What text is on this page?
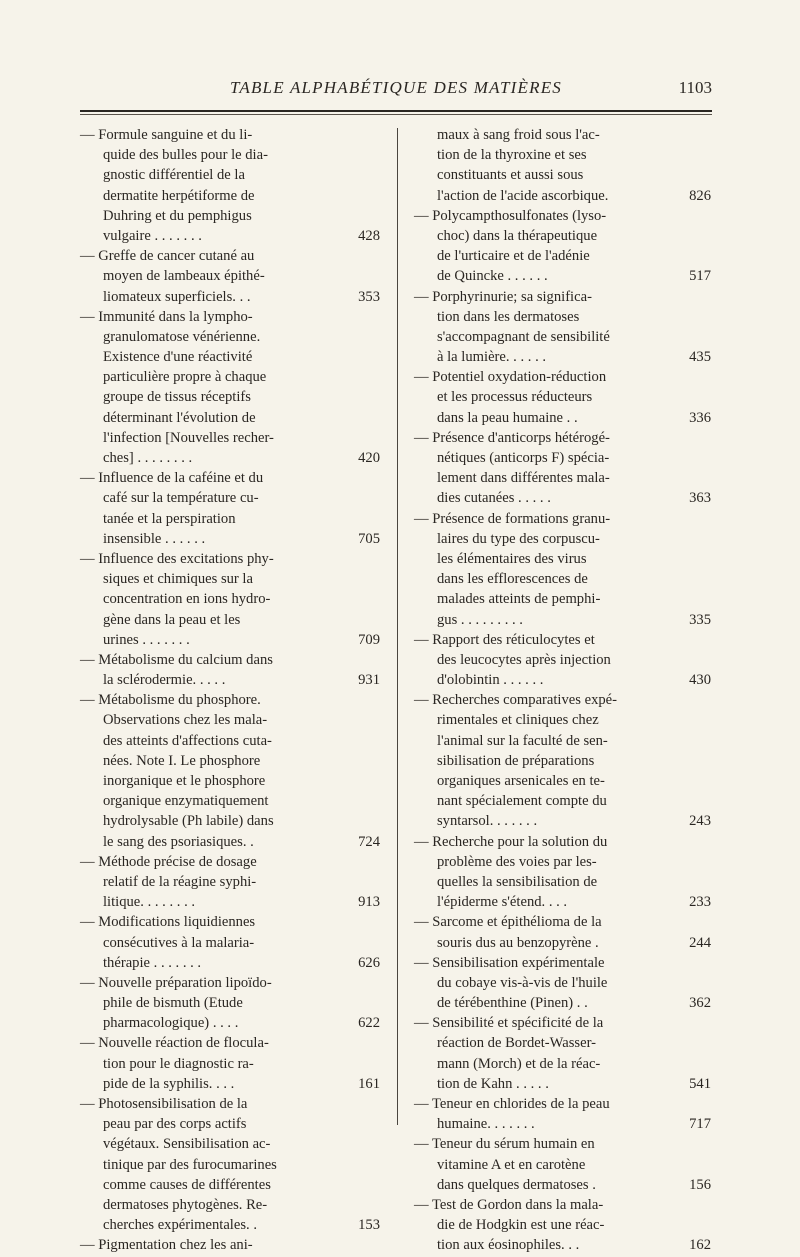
TABLE ALPHABÉTIQUE DES MATIÈRES	1103
— Formule sanguine et du li-
quide des bulles pour le dia-
gnostic différentiel de la
dermatite herpétiforme de
Duhring et du pemphigus
vulgaire . . . . . . .	428
— Greffe de cancer cutané au
moyen de lambeaux épithé-
liomateux superficiels. . .	353
— Immunité dans la lympho-
granulomatose vénérienne.
Existence d'une réactivité
particulière propre à chaque
groupe de tissus réceptifs
déterminant l'évolution de
l'infection [Nouvelles recher-
ches] . . . . . . . .	420
— Influence de la caféine et du
café sur la température cu-
tanée et la perspiration
insensible . . . . . .	705
— Influence des excitations phy-
siques et chimiques sur la
concentration en ions hydro-
gène dans la peau et les
urines . . . . . . .	709
— Métabolisme du calcium dans
la sclérodermie. . . . .	931
— Métabolisme du phosphore.
Observations chez les mala-
des atteints d'affections cuta-
nées. Note I. Le phosphore
inorganique et le phosphore
organique enzymatiquement
hydrolysable (Ph labile) dans
le sang des psoriasiques. .	724
— Méthode précise de dosage
relatif de la réagine syphi-
litique. . . . . . . .	913
— Modifications liquidiennes
consécutives à la malaria-
thérapie . . . . . . .	626
— Nouvelle préparation lipoïdo-
phile de bismuth (Etude
pharmacologique) . . . .	622
— Nouvelle réaction de flocula-
tion pour le diagnostic ra-
pide de la syphilis. . . .	161
— Photosensibilisation de la
peau par des corps actifs
végétaux. Sensibilisation ac-
tinique par des furocumarines
comme causes de différentes
dermatoses phytogènes. Re-
cherches expérimentales. .	153
— Pigmentation chez les ani-
maux à sang froid sous l'ac-
tion de la thyroxine et ses
constituants et aussi sous
l'action de l'acide ascorbique.	826
— Polycampthosulfonates (lyso-
choc) dans la thérapeutique
de l'urticaire et de l'adénie
de Quincke . . . . . .	517
— Porphyrinurie; sa significa-
tion dans les dermatoses
s'accompagnant de sensibilité
à la lumière. . . . . .	435
— Potentiel oxydation-réduction
et les processus réducteurs
dans la peau humaine . .	336
— Présence d'anticorps hétérogé-
nétiques (anticorps F) spécia-
lement dans différentes mala-
dies cutanées . . . . .	363
— Présence de formations granu-
laires du type des corpuscu-
les élémentaires des virus
dans les efflorescences de
malades atteints de pemphi-
gus . . . . . . . . .	335
— Rapport des réticulocytes et
des leucocytes après injection
d'olobintin . . . . . .	430
— Recherches comparatives expé-
rimentales et cliniques chez
l'animal sur la faculté de sen-
sibilisation de préparations
organiques arsenicales en te-
nant spécialement compte du
syntarsol. . . . . . .	243
— Recherche pour la solution du
problème des voies par les-
quelles la sensibilisation de
l'épiderme s'étend. . . .	233
— Sarcome et épithélioma de la
souris dus au benzopyrène .	244
— Sensibilisation expérimentale
du cobaye vis-à-vis de l'huile
de térébenthine (Pinen) . .	362
— Sensibilité et spécificité de la
réaction de Bordet-Wasser-
mann (Morch) et de la réac-
tion de Kahn . . . . .	541
— Teneur en chlorides de la peau
humaine. . . . . . .	717
— Teneur du sérum humain en
vitamine A et en carotène
dans quelques dermatoses .	156
— Test de Gordon dans la mala-
die de Hodgkin est une réac-
tion aux éosinophiles. . .	162
